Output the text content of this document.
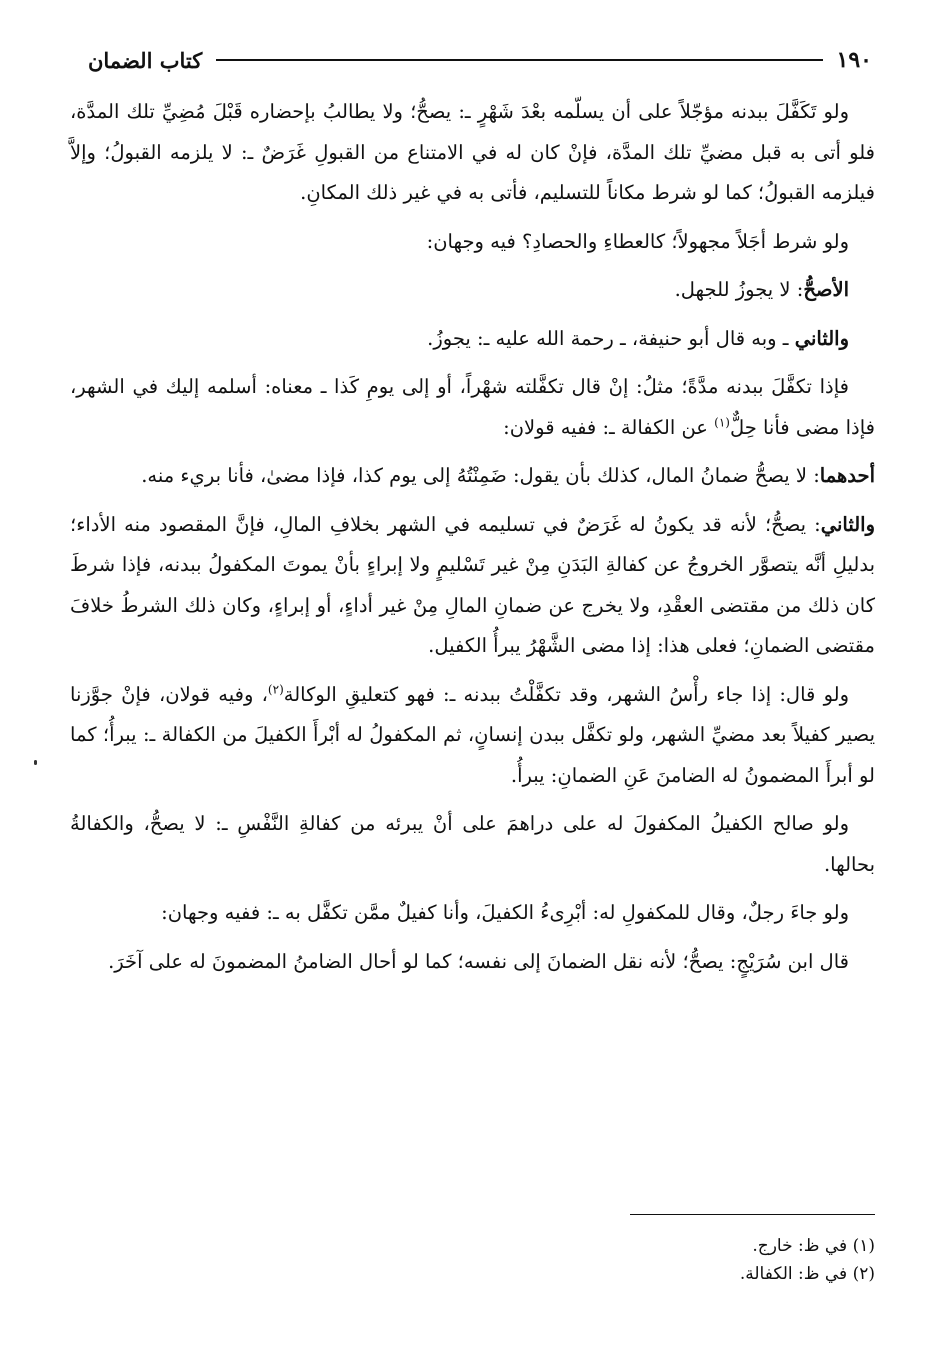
١٩٠
كتاب الضمان

ولو تَكَفَّلَ ببدنه مؤجّلاً على أن يسلّمه بعْدَ شَهْرٍ ـ: يصحُّ؛ ولا يطالبُ بإحضاره قَبْلَ مُضِيِّ تلك المدَّة، فلو أتى به قبل مضيِّ تلك المدَّة، فإنْ كان له في الامتناع من القبولِ غَرَضٌ ـ: لا يلزمه القبولُ؛ وإلاَّ فيلزمه القبولُ؛ كما لو شرط مكاناً للتسليم، فأتى به في غير ذلك المكانِ.

ولو شرط أجَلاً مجهولاً؛ كالعطاءِ والحصادِ؟ فيه وجهان:

الأصحُّ: لا يجوزُ للجهل.

والثاني ـ وبه قال أبو حنيفة، ـ رحمة الله عليه ـ: يجوزُ.

فإذا تكفَّلَ ببدنه مدَّةً؛ مثلُ: إنْ قال تكفَّلته شهْراً، أو إلى يومِ كَذا ـ معناه: أسلمه إليك في الشهر، فإذا مضى فأنا حِلٌّ$^{(١)}$ عن الكفالة ـ: ففيه قولان:

أحدهما: لا يصحُّ ضمانُ المال، كذلك بأن يقول: ضَمِنْتُهُ إلى يوم كذا، فإذا مضىٰ، فأنا بريء منه.

والثاني: يصحُّ؛ لأنه قد يكونُ له غَرَضٌ في تسليمه في الشهر بخلافِ المالِ، فإنَّ المقصود منه الأداء؛ بدليلِ أنَّه يتصوَّر الخروجُ عن كفالةِ البَدَنِ مِنْ غير تَسْليمٍ ولا إبراءٍ بأنْ يموتَ المكفولُ ببدنه، فإذا شرطَ كان ذلك من مقتضى العقْدِ، ولا يخرج عن ضمانِ المالِ مِنْ غير أداءٍ، أو إبراءٍ، وكان ذلك الشرطُ خلافَ مقتضى الضمانِ؛ فعلى هذا: إذا مضى الشَّهْرُ يبرأُ الكفيل.

ولو قال: إذا جاء رأْسُ الشهر، وقد تكفَّلْتُ ببدنه ـ: فهو كتعليقِ الوكالة$^{(٢)}$، وفيه قولان، فإنْ جوَّزنا يصير كفيلاً بعد مضيِّ الشهر، ولو تكفَّل ببدن إنسانٍ، ثم المكفولُ له أبْرأَ الكفيلَ من الكفالة ـ: يبرأُ؛ كما لو أبرأَ المضمونُ له الضامنَ عَنِ الضمانِ: يبرأُ.

ولو صالح الكفيلُ المكفولَ له على دراهمَ على أنْ يبرئه من كفالةِ النَّفْسِ ـ: لا يصحُّ، والكفالةُ بحالها.

ولو جاءَ رجلٌ، وقال للمكفولِ له: أبْرِىءُ الكفيلَ، وأنا كفيلٌ ممَّن تكفَّل به ـ: ففيه وجهان:

قال ابن سُرَيْجٍ: يصحُّ؛ لأنه نقل الضمانَ إلى نفسه؛ كما لو أحال الضامنُ المضمونَ له على آخَرَ.

(١) في ظ: خارج.
(٢) في ظ: الكفالة.
